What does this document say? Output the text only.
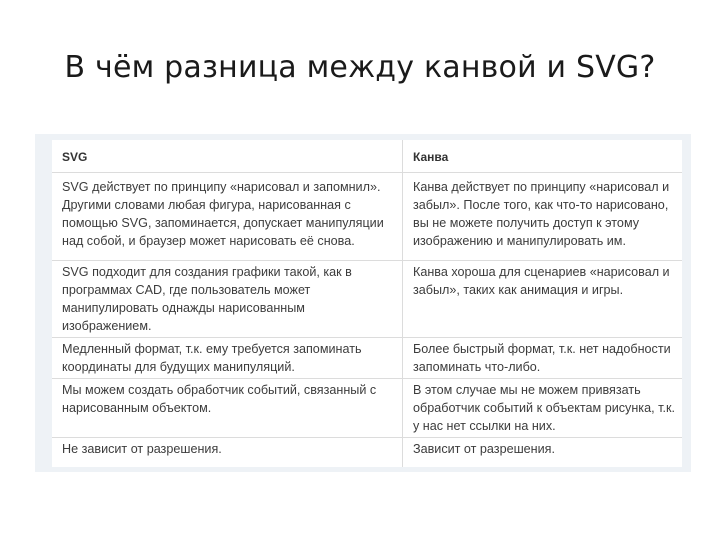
В чём разница между канвой и SVG?
SVG	Канва
SVG действует по принципу «нарисовал и запомнил». Другими словами любая фигура, нарисованная с помощью SVG, запоминается, допускает манипуляции над собой, и браузер может нарисовать её снова.	Канва действует по принципу «нарисовал и забыл». После того, как что-то нарисовано, вы не можете получить доступ к этому изображению и манипулировать им.
SVG подходит для создания графики такой, как в программах CAD, где пользователь может манипулировать однажды нарисованным изображением.	Канва хороша для сценариев «нарисовал и забыл», таких как анимация и игры.
Медленный формат, т.к. ему требуется запоминать координаты для будущих манипуляций.	Более быстрый формат, т.к. нет надобности запоминать что-либо.
Мы можем создать обработчик событий, связанный с нарисованным объектом.	В этом случае мы не можем привязать обработчик событий к объектам рисунка, т.к. у нас нет ссылки на них.
Не зависит от разрешения.	Зависит от разрешения.
